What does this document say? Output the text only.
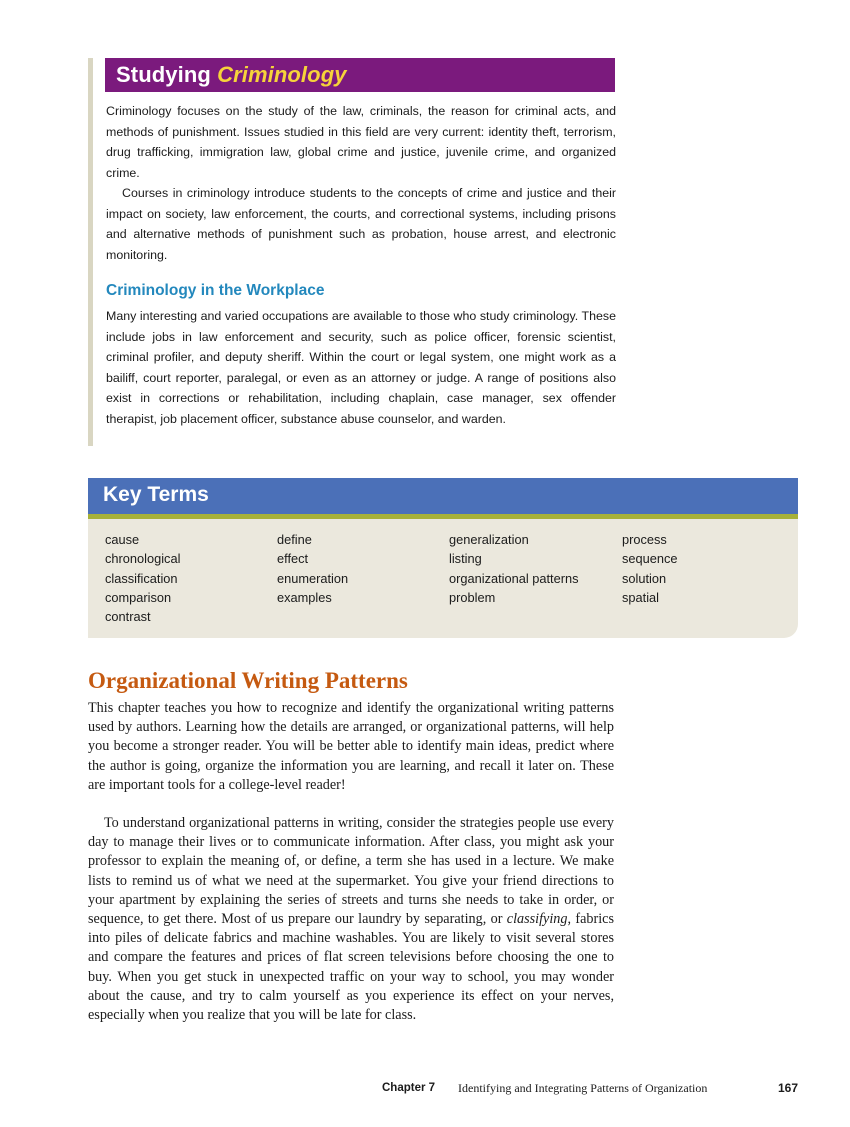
Studying Criminology

Criminology focuses on the study of the law, criminals, the reason for criminal acts, and methods of punishment. Issues studied in this field are very current: identity theft, terrorism, drug trafficking, immigration law, global crime and justice, juvenile crime, and organized crime.

Courses in criminology introduce students to the concepts of crime and justice and their impact on society, law enforcement, the courts, and correctional systems, including prisons and alternative methods of punishment such as probation, house arrest, and electronic monitoring.

Criminology in the Workplace

Many interesting and varied occupations are available to those who study criminology. These include jobs in law enforcement and security, such as police officer, forensic scientist, criminal profiler, and deputy sheriff. Within the court or legal system, one might work as a bailiff, court reporter, paralegal, or even as an attorney or judge. A range of positions also exist in corrections or rehabilitation, including chaplain, case manager, sex offender therapist, job placement officer, substance abuse counselor, and warden.

Key Terms
cause
chronological
classification
comparison
contrast
define
effect
enumeration
examples
generalization
listing
organizational patterns
problem
process
sequence
solution
spatial
Organizational Writing Patterns

This chapter teaches you how to recognize and identify the organizational writing patterns used by authors. Learning how the details are arranged, or organizational patterns, will help you become a stronger reader. You will be better able to identify main ideas, predict where the author is going, organize the information you are learning, and recall it later on. These are important tools for a college-level reader!

To understand organizational patterns in writing, consider the strategies people use every day to manage their lives or to communicate information. After class, you might ask your professor to explain the meaning of, or define, a term she has used in a lecture. We make lists to remind us of what we need at the supermarket. You give your friend directions to your apartment by explaining the series of streets and turns she needs to take in order, or sequence, to get there. Most of us prepare our laundry by separating, or classifying, fabrics into piles of delicate fabrics and machine washables. You are likely to visit several stores and compare the features and prices of flat screen televisions before choosing the one to buy. When you get stuck in unexpected traffic on your way to school, you may wonder about the cause, and try to calm yourself as you experience its effect on your nerves, especially when you realize that you will be late for class.

Chapter 7 Identifying and Integrating Patterns of Organization	167
